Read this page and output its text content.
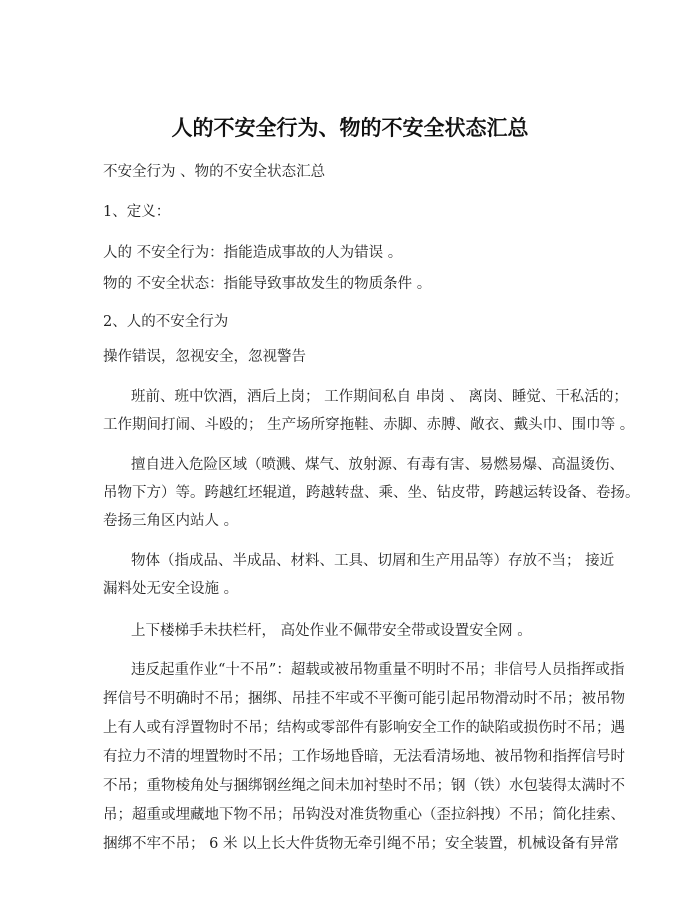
人的不安全行为、物的不安全状态汇总
不安全行为 、物的不安全状态汇总
1、定义：
人的 不安全行为：指能造成事故的人为错误 。
物的 不安全状态：指能导致事故发生的物质条件 。
2、人的不安全行为
操作错误，忽视安全，忽视警告
班前、班中饮酒，酒后上岗； 工作期间私自 串岗 、 离岗、睡觉、干私活的；
工作期间打闹、斗殴的； 生产场所穿拖鞋、赤脚、赤膊、敞衣、戴头巾、围巾等 。
擅自进入危险区域（喷溅、煤气、放射源、有毒有害、易燃易爆、高温烫伤、
吊物下方）等。跨越红坯辊道，跨越转盘、乘、坐、钻皮带，跨越运转设备、卷扬。
卷扬三角区内站人 。
物体（指成品、半成品、材料、工具、切屑和生产用品等）存放不当； 接近
漏料处无安全设施 。
上下楼梯手未扶栏杆， 高处作业不佩带安全带或设置安全网 。
违反起重作业“十不吊”：超载或被吊物重量不明时不吊；非信号人员指挥或指
挥信号不明确时不吊；捆绑、吊挂不牢或不平衡可能引起吊物滑动时不吊；被吊物
上有人或有浮置物时不吊；结构或零部件有影响安全工作的缺陷或损伤时不吊；遇
有拉力不清的埋置物时不吊；工作场地昏暗，无法看清场地、被吊物和指挥信号时
不吊；重物棱角处与捆绑钢丝绳之间未加衬垫时不吊；钢（铁）水包装得太满时不
吊；超重或埋藏地下物不吊；吊钩没对准货物重心（歪拉斜拽）不吊；简化挂索、
捆绑不牢不吊； 6 米 以上长大件货物无牵引绳不吊；安全装置，机械设备有异常
